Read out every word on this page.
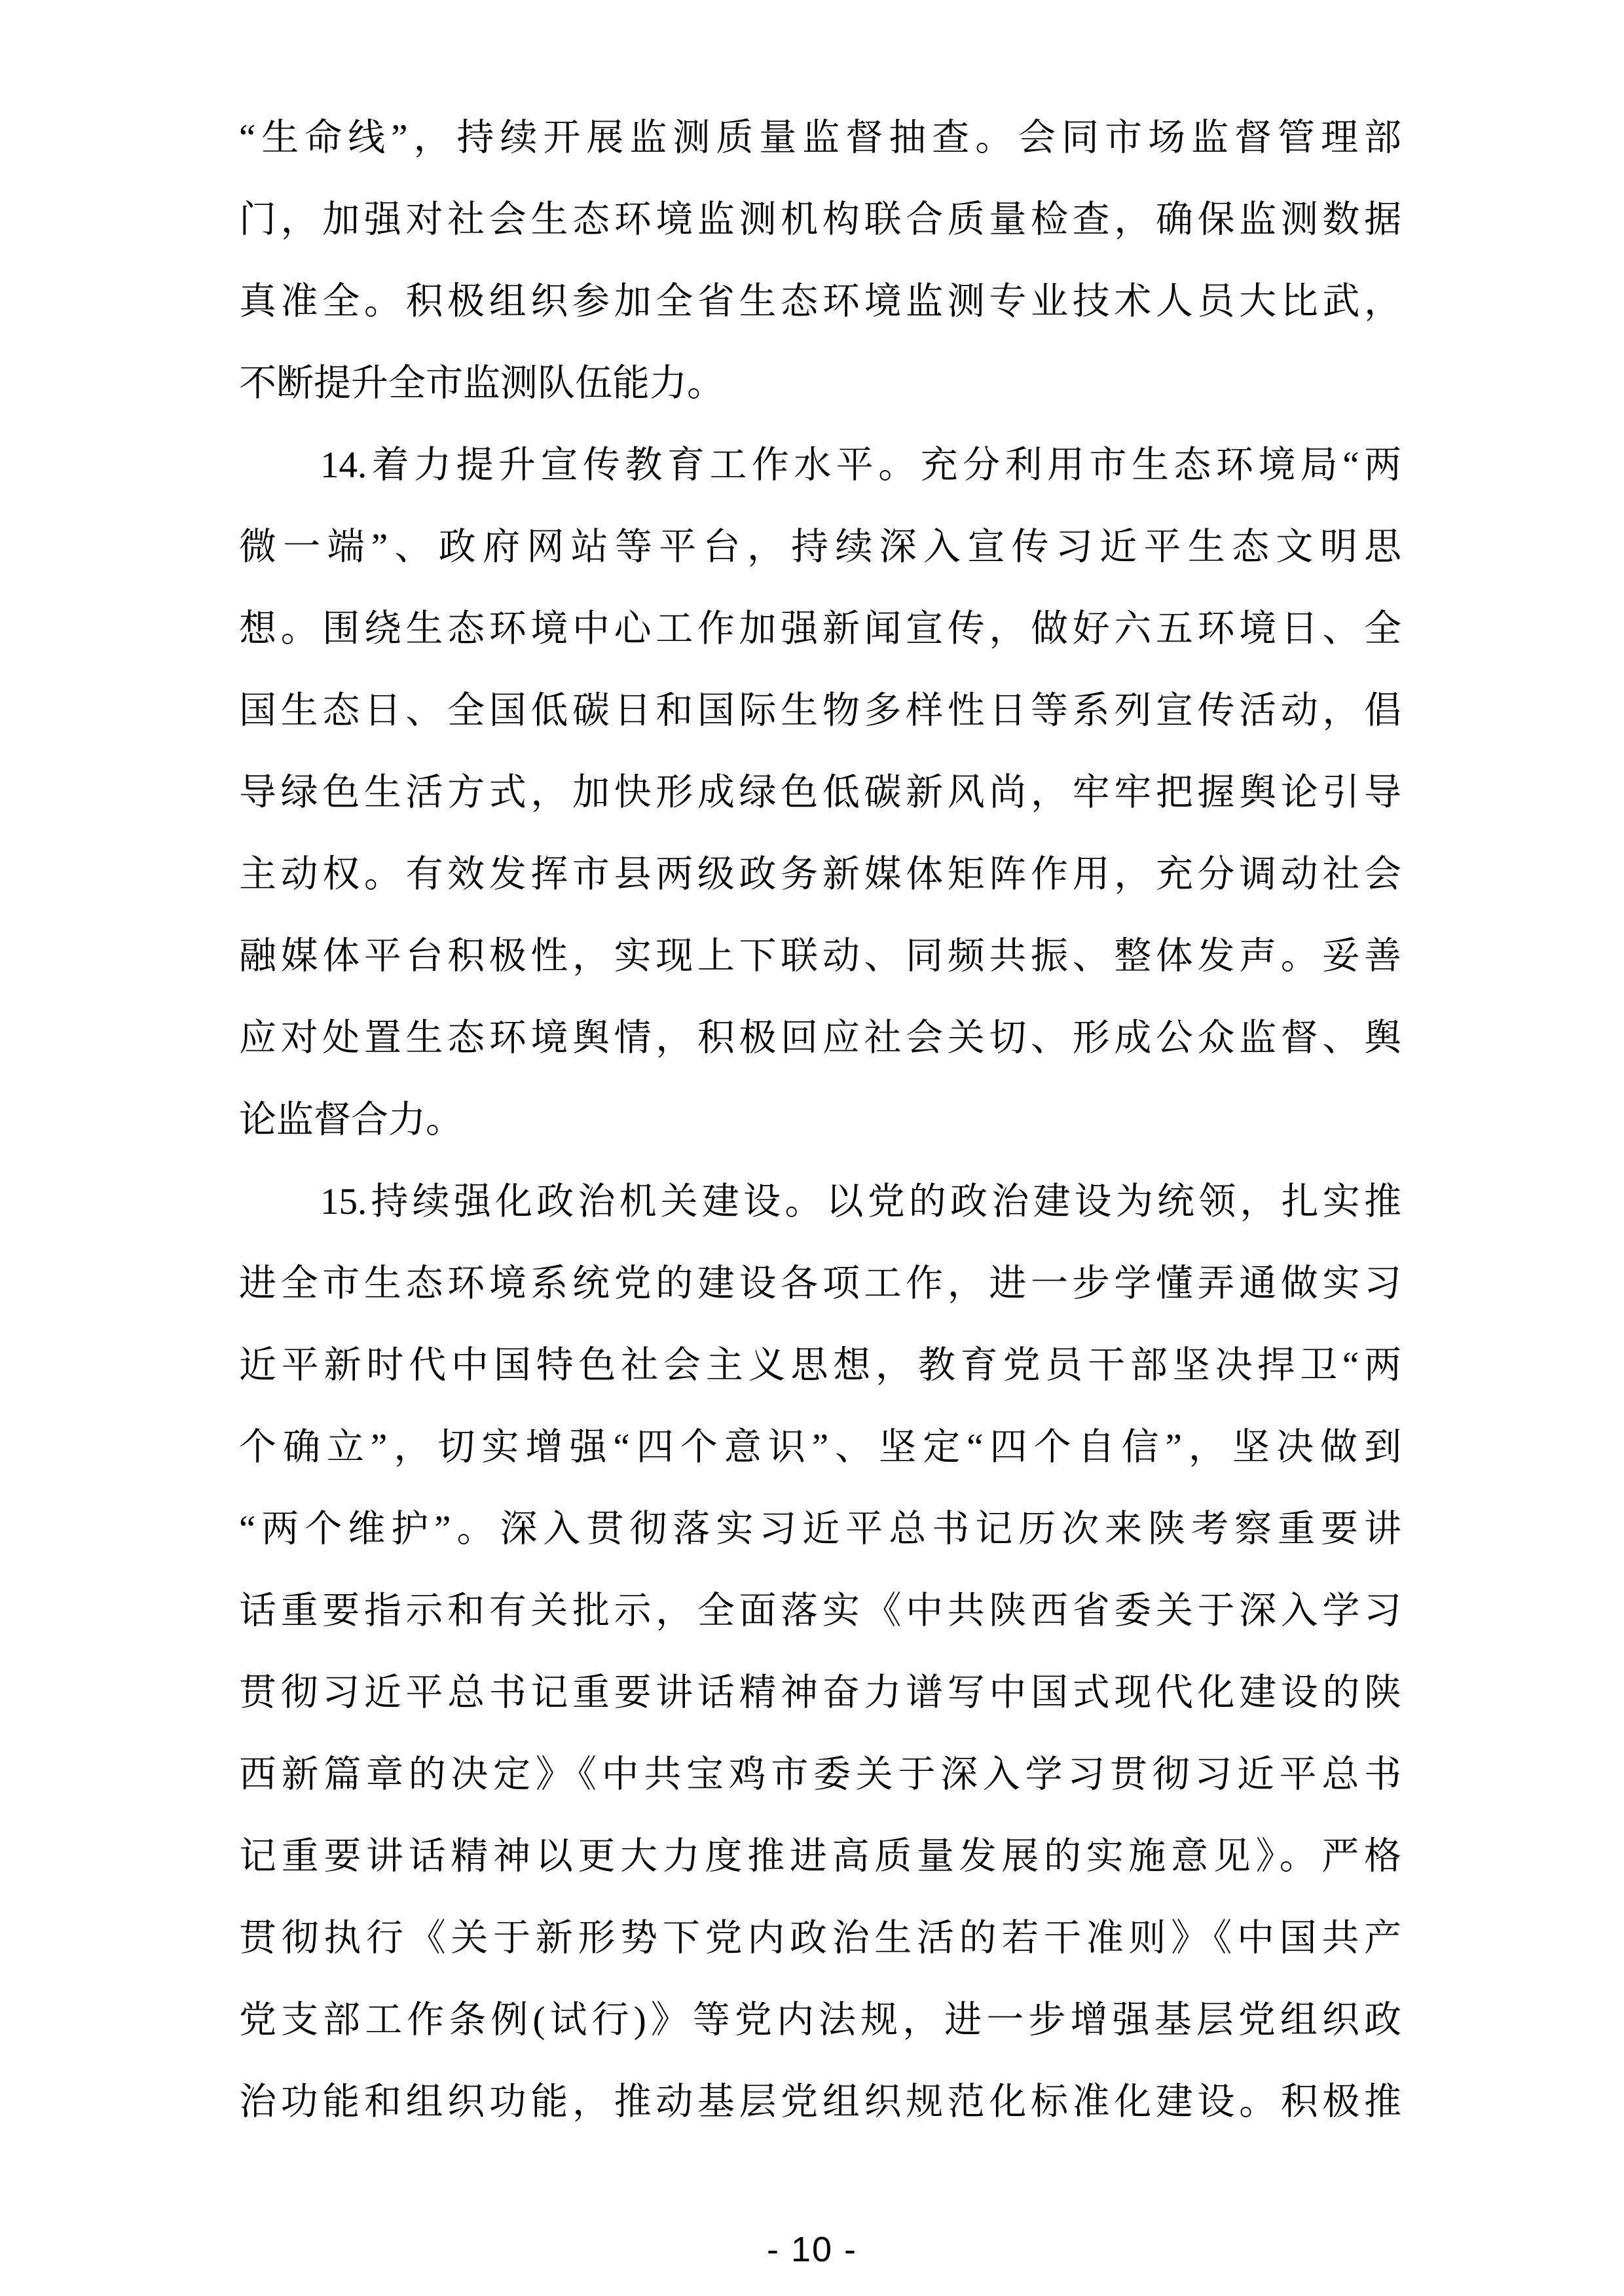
“生命线”，持续开展监测质量监督抽查。会同市场监督管理部
门，加强对社会生态环境监测机构联合质量检查，确保监测数据
真准全。积极组织参加全省生态环境监测专业技术人员大比武，
不断提升全市监测队伍能力。
14.着力提升宣传教育工作水平。充分利用市生态环境局“两
微一端”、政府网站等平台，持续深入宣传习近平生态文明思
想。围绕生态环境中心工作加强新闻宣传，做好六五环境日、全
国生态日、全国低碳日和国际生物多样性日等系列宣传活动，倡
导绿色生活方式，加快形成绿色低碳新风尚，牢牢把握舆论引导
主动权。有效发挥市县两级政务新媒体矩阵作用，充分调动社会
融媒体平台积极性，实现上下联动、同频共振、整体发声。妥善
应对处置生态环境舆情，积极回应社会关切、形成公众监督、舆
论监督合力。
15.持续强化政治机关建设。以党的政治建设为统领，扎实推
进全市生态环境系统党的建设各项工作，进一步学懂弄通做实习
近平新时代中国特色社会主义思想，教育党员干部坚决捍卫“两
个确立”，切实增强“四个意识”、坚定“四个自信”，坚决做到
“两个维护”。深入贯彻落实习近平总书记历次来陕考察重要讲
话重要指示和有关批示，全面落实《中共陕西省委关于深入学习
贯彻习近平总书记重要讲话精神奋力谱写中国式现代化建设的陕
西新篇章的决定》《中共宝鸡市委关于深入学习贯彻习近平总书
记重要讲话精神以更大力度推进高质量发展的实施意见》。严格
贯彻执行《关于新形势下党内政治生活的若干准则》《中国共产
党支部工作条例(试行)》等党内法规，进一步增强基层党组织政
治功能和组织功能，推动基层党组织规范化标准化建设。积极推
- 10 -
